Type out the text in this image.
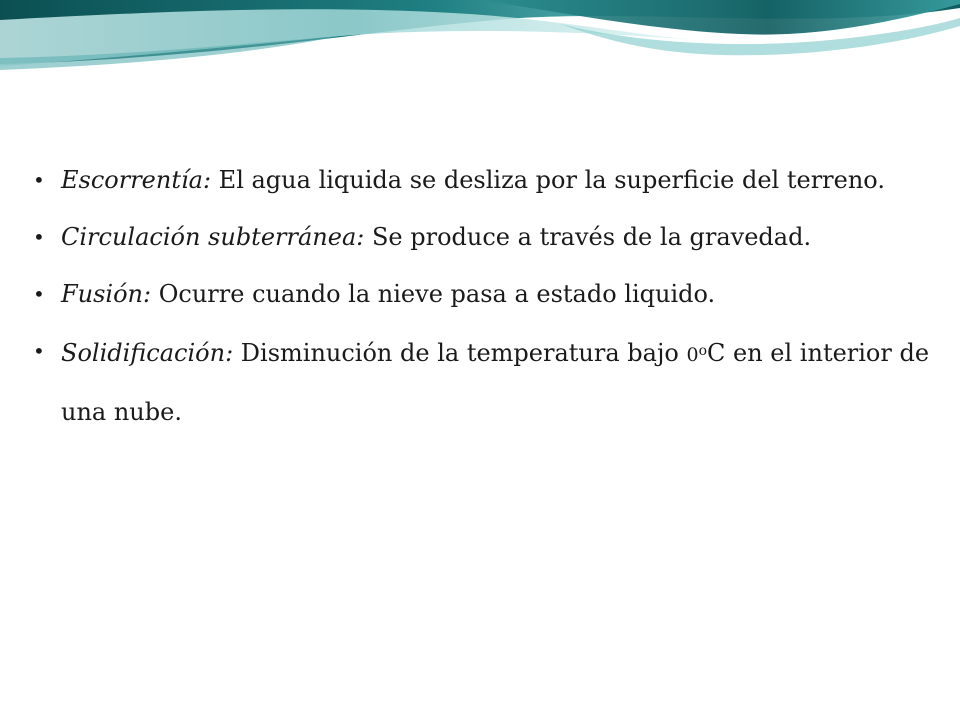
• Escorrentía: El agua liquida se desliza por la superficie del terreno.
• Circulación subterránea: Se produce a través de la gravedad.
• Fusión: Ocurre cuando la nieve pasa a estado liquido.
• Solidificación: Disminución de la temperatura bajo 0$^o$C en el interior de una nube.
